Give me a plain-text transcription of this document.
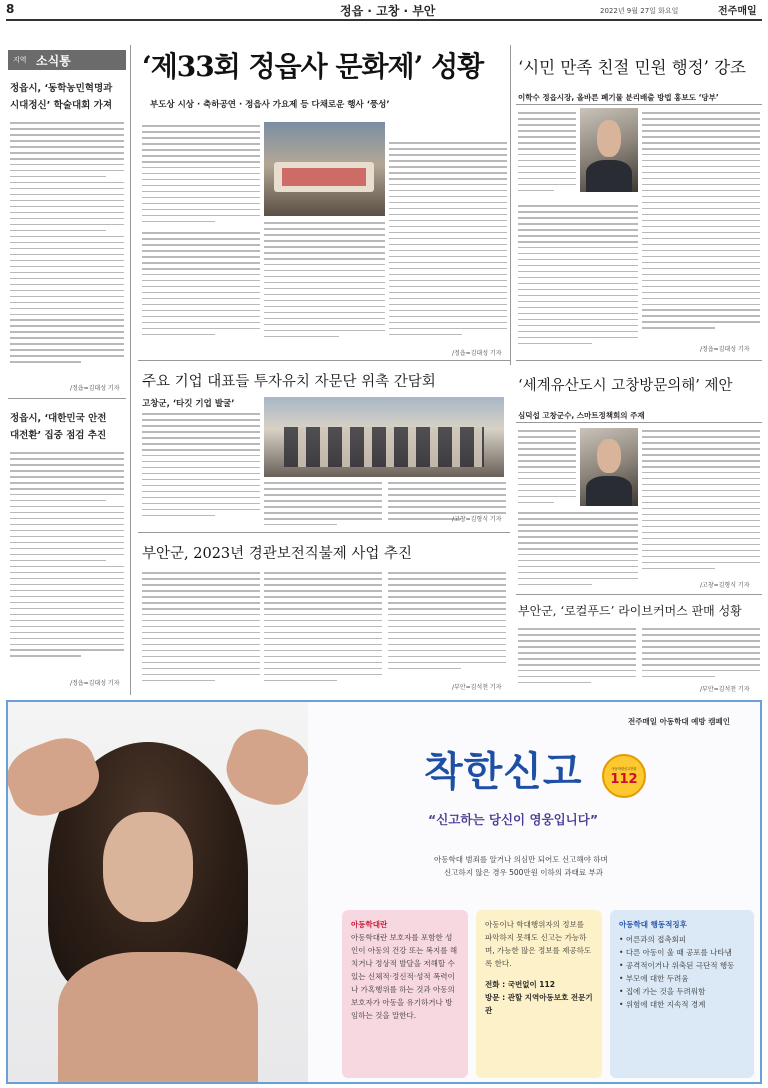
8	정읍 · 고창 · 부안	2022년 9월 27일 화요일	전주매일
지역 소식통
정읍시, ‘동학농민혁명과
시대정신’ 학술대회 가져
/정읍=김대성 기자
정읍시, ‘대한민국 안전
대전환’ 집중 점검 추진
/정읍=김대성 기자
‘제33회 정읍사 문화제’ 성황
부도상 시상 · 축하공연 · 정읍사 가요제 등 다채로운 행사 ‘풍성’
/정읍=김대성 기자
‘시민 만족 친절 민원 행정’ 강조
이학수 정읍시장, 올바른 폐기물 분리배출 방법 홍보도 ‘당부’
/정읍=김대성 기자
주요 기업 대표들 투자유치 자문단 위촉 간담회
고창군, ‘타깃 기업 발굴’
/고창=김형식 기자
‘세계유산도시 고창방문의해’ 제안
심덕섭 고창군수, 스마트정책회의 주재
/고창=김형식 기자
부안군, 2023년 경관보전직불제 사업 추진
/부안=김석천 기자
부안군, ‘로컬푸드’ 라이브커머스 판매 성황
/부안=김석천 기자
전주매일 아동학대 예방 캠페인
착한신고	아동학대신고전화
112
“신고하는 당신이 영웅입니다”
아동학대 범죄를 알거나 의심만 되어도 신고해야 하며
신고하지 않은 경우 500만원 이하의 과태료 부과
아동학대란
아동학대란 보호자를 포함한 성인이 아동의 건강 또는 복지를 해치거나 정상적 발달을 저해할 수 있는 신체적·정신적·성적 폭력이나 가혹행위를 하는 것과 아동의 보호자가 아동을 유기하거나 방임하는 것을 말한다.
아동이나 학대행위자의 정보를 파악하지 못해도 신고는 가능하며, 가능한 많은 정보를 제공하도록 한다.
전화 : 국번없이 112
방문 : 관할 지역아동보호 전문기관
아동학대 행동적징후
• 어른과의 접촉회피
• 다른 아동이 울 때 공포를 나타냄
• 공격적이거나 위축된 극단적 행동
• 부모에 대한 두려움
• 집에 가는 것을 두려워함
• 위험에 대한 지속적 경계
